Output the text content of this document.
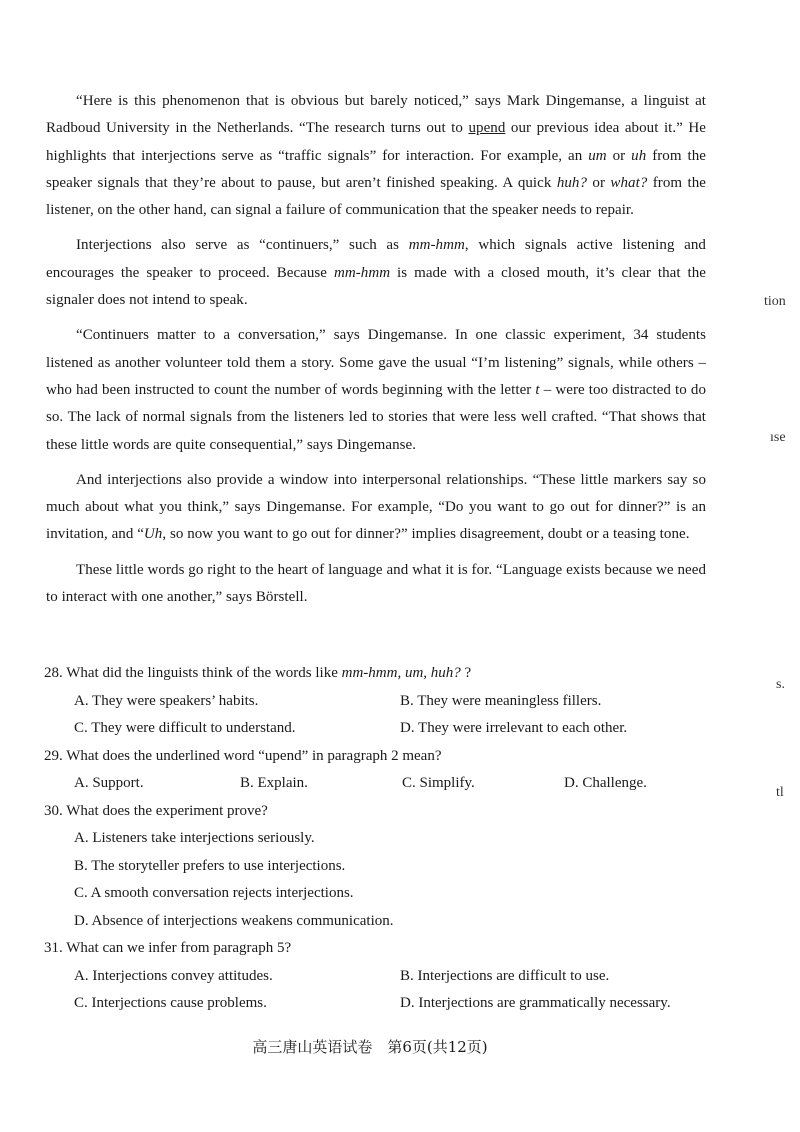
“Here is this phenomenon that is obvious but barely noticed,” says Mark Dingemanse, a linguist at Radboud University in the Netherlands. “The research turns out to upend our previous idea about it.” He highlights that interjections serve as “traffic signals” for interaction. For example, an um or uh from the speaker signals that they’re about to pause, but aren’t finished speaking. A quick huh? or what? from the listener, on the other hand, can signal a failure of communication that the speaker needs to repair.

Interjections also serve as “continuers,” such as mm-hmm, which signals active listening and encourages the speaker to proceed. Because mm-hmm is made with a closed mouth, it’s clear that the signaler does not intend to speak.

“Continuers matter to a conversation,” says Dingemanse. In one classic experiment, 34 students listened as another volunteer told them a story. Some gave the usual “I’m listening” signals, while others – who had been instructed to count the number of words beginning with the letter t – were too distracted to do so. The lack of normal signals from the listeners led to stories that were less well crafted. “That shows that these little words are quite consequential,” says Dingemanse.

And interjections also provide a window into interpersonal relationships. “These little markers say so much about what you think,” says Dingemanse. For example, “Do you want to go out for dinner?” is an invitation, and “Uh, so now you want to go out for dinner?” implies disagreement, doubt or a teasing tone.

These little words go right to the heart of language and what it is for. “Language exists because we need to interact with one another,” says Börstell.

28. What did the linguists think of the words like mm-hmm, um, huh? ?
A. They were speakers’ habits.	B. They were meaningless fillers.
C. They were difficult to understand.	D. They were irrelevant to each other.
29. What does the underlined word “upend” in paragraph 2 mean?
A. Support.	B. Explain.	C. Simplify.	D. Challenge.
30. What does the experiment prove?
A. Listeners take interjections seriously.
B. The storyteller prefers to use interjections.
C. A smooth conversation rejects interjections.
D. Absence of interjections weakens communication.
31. What can we infer from paragraph 5?
A. Interjections convey attitudes.	B. Interjections are difficult to use.
C. Interjections cause problems.	D. Interjections are grammatically necessary.
tion
ıse
s.
tl
高三唐山英语试卷　第6页(共12页)
